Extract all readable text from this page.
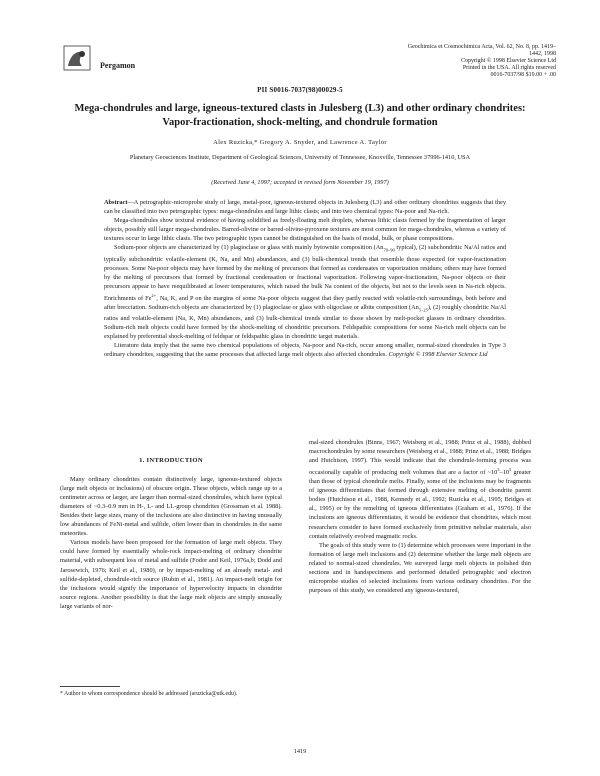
Pergamon
Geochimica et Cosmochimica Acta, Vol. 62, No. 8, pp. 1419–1442, 1998
Copyright © 1998 Elsevier Science Ltd
Printed in the USA. All rights reserved
0016-7037/98 $19.00 + .00
PII S0016-7037(98)00029-5
Mega-chondrules and large, igneous-textured clasts in Julesberg (L3) and other ordinary chondrites: Vapor-fractionation, shock-melting, and chondrule formation
Alex Ruzicka,* Gregory A. Snyder, and Lawrence A. Taylor
Planetary Geosciences Institute, Department of Geological Sciences, University of Tennessee, Knoxville, Tennessee 37996-1410, USA
(Received June 4, 1997; accepted in revised form November 19, 1997)

Abstract—A petrographic-microprobe study of large, metal-poor, igneous-textured objects in Julesberg (L3) and other ordinary chondrites suggests that they can be classified into two petrographic types: mega-chondrules and large lithic clasts; and into two chemical types: Na-poor and Na-rich.

Mega-chondrules show textural evidence of having solidified as freely-floating melt droplets, whereas lithic clasts formed by the fragmentation of larger objects, possibly still larger mega-chondrules. Barred-olivine or barred-olivine-pyroxene textures are most common for mega-chondrules, whereas a variety of textures occur in large lithic clasts. The two petrographic types cannot be distinguished on the basis of modal, bulk, or phase compositions.

Sodium-poor objects are characterized by (1) plagioclase or glass with mainly bytownite composition ($An_{70-90}$ typical), (2) subchondritic Na/Al ratios and typically subchondritic volatile-element (K, Na, and Mn) abundances, and (3) bulk-chemical trends that resemble those expected for vapor-fractionation processes. Some Na-poor objects may have formed by the melting of precursors that formed as condensates or vaporization residues; others may have formed by the melting of precursors that formed by fractional condensation or fractional vaporization. Following vapor-fractionation, Na-poor objects or their precursors appear to have reequilibrated at lower temperatures, which raised the bulk Na content of the objects, but not to the levels seen in Na-rich objects. Enrichments of $Fe^{2+}$, Na, K, and P on the margins of some Na-poor objects suggest that they partly reacted with volatile-rich surroundings, both before and after brecciation. Sodium-rich objects are characterized by (1) plagioclase or glass with oligoclase or albite composition $(An_{5-25})$, (2) roughly chondritic Na/Al ratios and volatile-element (Na, K, Mn) abundances, and (3) bulk-chemical trends similar to those shown by melt-pocket glasses in ordinary chondrites. Sodium-rich melt objects could have formed by the shock-melting of chondritic precursors. Feldspathic compositions for some Na-rich melt objects can be explained by preferential shock-melting of feldspar or feldspathic glass in chondritic target materials.

Literature data imply that the same two chemical populations of objects, Na-poor and Na-rich, occur among smaller, normal-sized chondrules in Type 3 ordinary chondrites, suggesting that the same processes that affected large melt objects also affected chondrules. Copyright © 1998 Elsevier Science Ltd

1. INTRODUCTION

Many ordinary chondrites contain distinctively large, igneous-textured objects (large melt objects or inclusions) of obscure origin. These objects, which range up to a centimeter across or larger, are larger than normal-sized chondrules, which have typical diameters of ~0.3–0.9 mm in H-, L- and LL-group chondrites (Grossman et al. 1988). Besides their large sizes, many of the inclusions are also distinctive in having unusually low abundances of FeNi-metal and sulfide, often lower than in chondrules in the same meteorites.

Various models have been proposed for the formation of large melt objects. They could have formed by essentially whole-rock impact-melting of ordinary chondrite material, with subsequent loss of metal and sulfide (Fodor and Keil, 1976a,b; Dodd and Jarosewich, 1976; Keil et al., 1980), or by impact-melting of an already metal- and sulfide-depleted, chondrule-rich source (Rubin et al., 1981). An impact-melt origin for the inclusions would signify the importance of hypervelocity impacts in chondrite source regions. Another possibility is that the large melt objects are simply unusually large variants of nor-

mal-sized chondrules (Binns, 1967; Weisberg et al., 1988; Prinz et al., 1988), dubbed macrochondrules by some researchers (Weisberg et al., 1988; Prinz et al., 1988; Bridges and Hutchison, 1997). This would indicate that the chondrule-forming process was occasionally capable of producing melt volumes that are a factor of $\sim 10^3-10^5$ greater than those of typical chondrule melts. Finally, some of the inclusions may be fragments of igneous differentiates that formed through extensive melting of chondrite parent bodies (Hutchison et al., 1988, Kennedy et al., 1992; Ruzicka et al., 1995; Bridges et al., 1995) or by the remelting of igneous differentiates (Graham et al., 1976). If the inclusions are igneous differentiates, it would be evidence that chondrites, which most researchers consider to have formed exclusively from primitive nebular materials, also contain relatively evolved magmatic rocks.

The goals of this study were to (1) determine which processes were important in the formation of large melt inclusions and (2) determine whether the large melt objects are related to normal-sized chondrules. We surveyed large melt objects in polished thin sections and in handspecimens and performed detailed petrographic and electron microprobe studies of selected inclusions from various ordinary chondrites. For the purposes of this study, we considered any igneous-textured,

* Author to whom correspondence should be addressed (aruzicka@utk.edu).
1419
